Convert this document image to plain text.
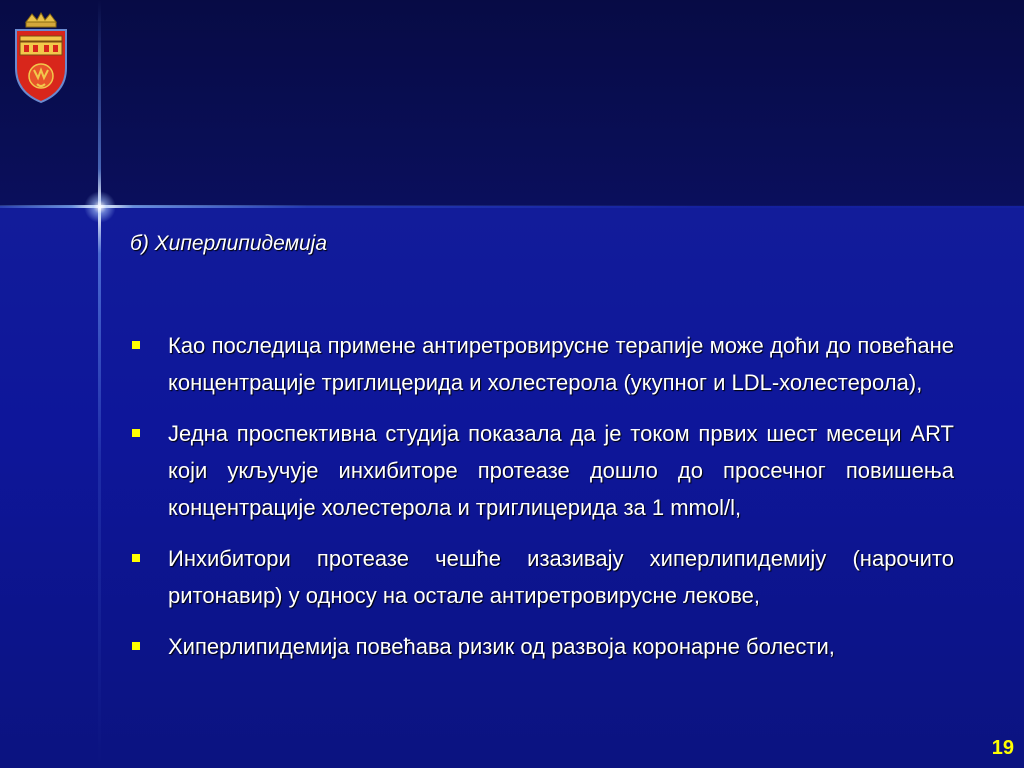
б) Хиперлипидемија
Као последица примене антиретровирусне терапије може доћи до повећане концентрације триглицерида и холестерола (укупног и LDL-холестерола),
Једна проспективна студија показала да је током првих шест месеци ART који укључује инхибиторе протеазе дошло до просечног повишења концентрације холестерола и триглицерида за 1 mmol/l,
Инхибитори протеазе чешће изазивају хиперлипидемију (нарочито ритонавир) у односу на остале антиретровирусне лекове,
Хиперлипидемија повећава ризик од развоја коронарне болести,
19
